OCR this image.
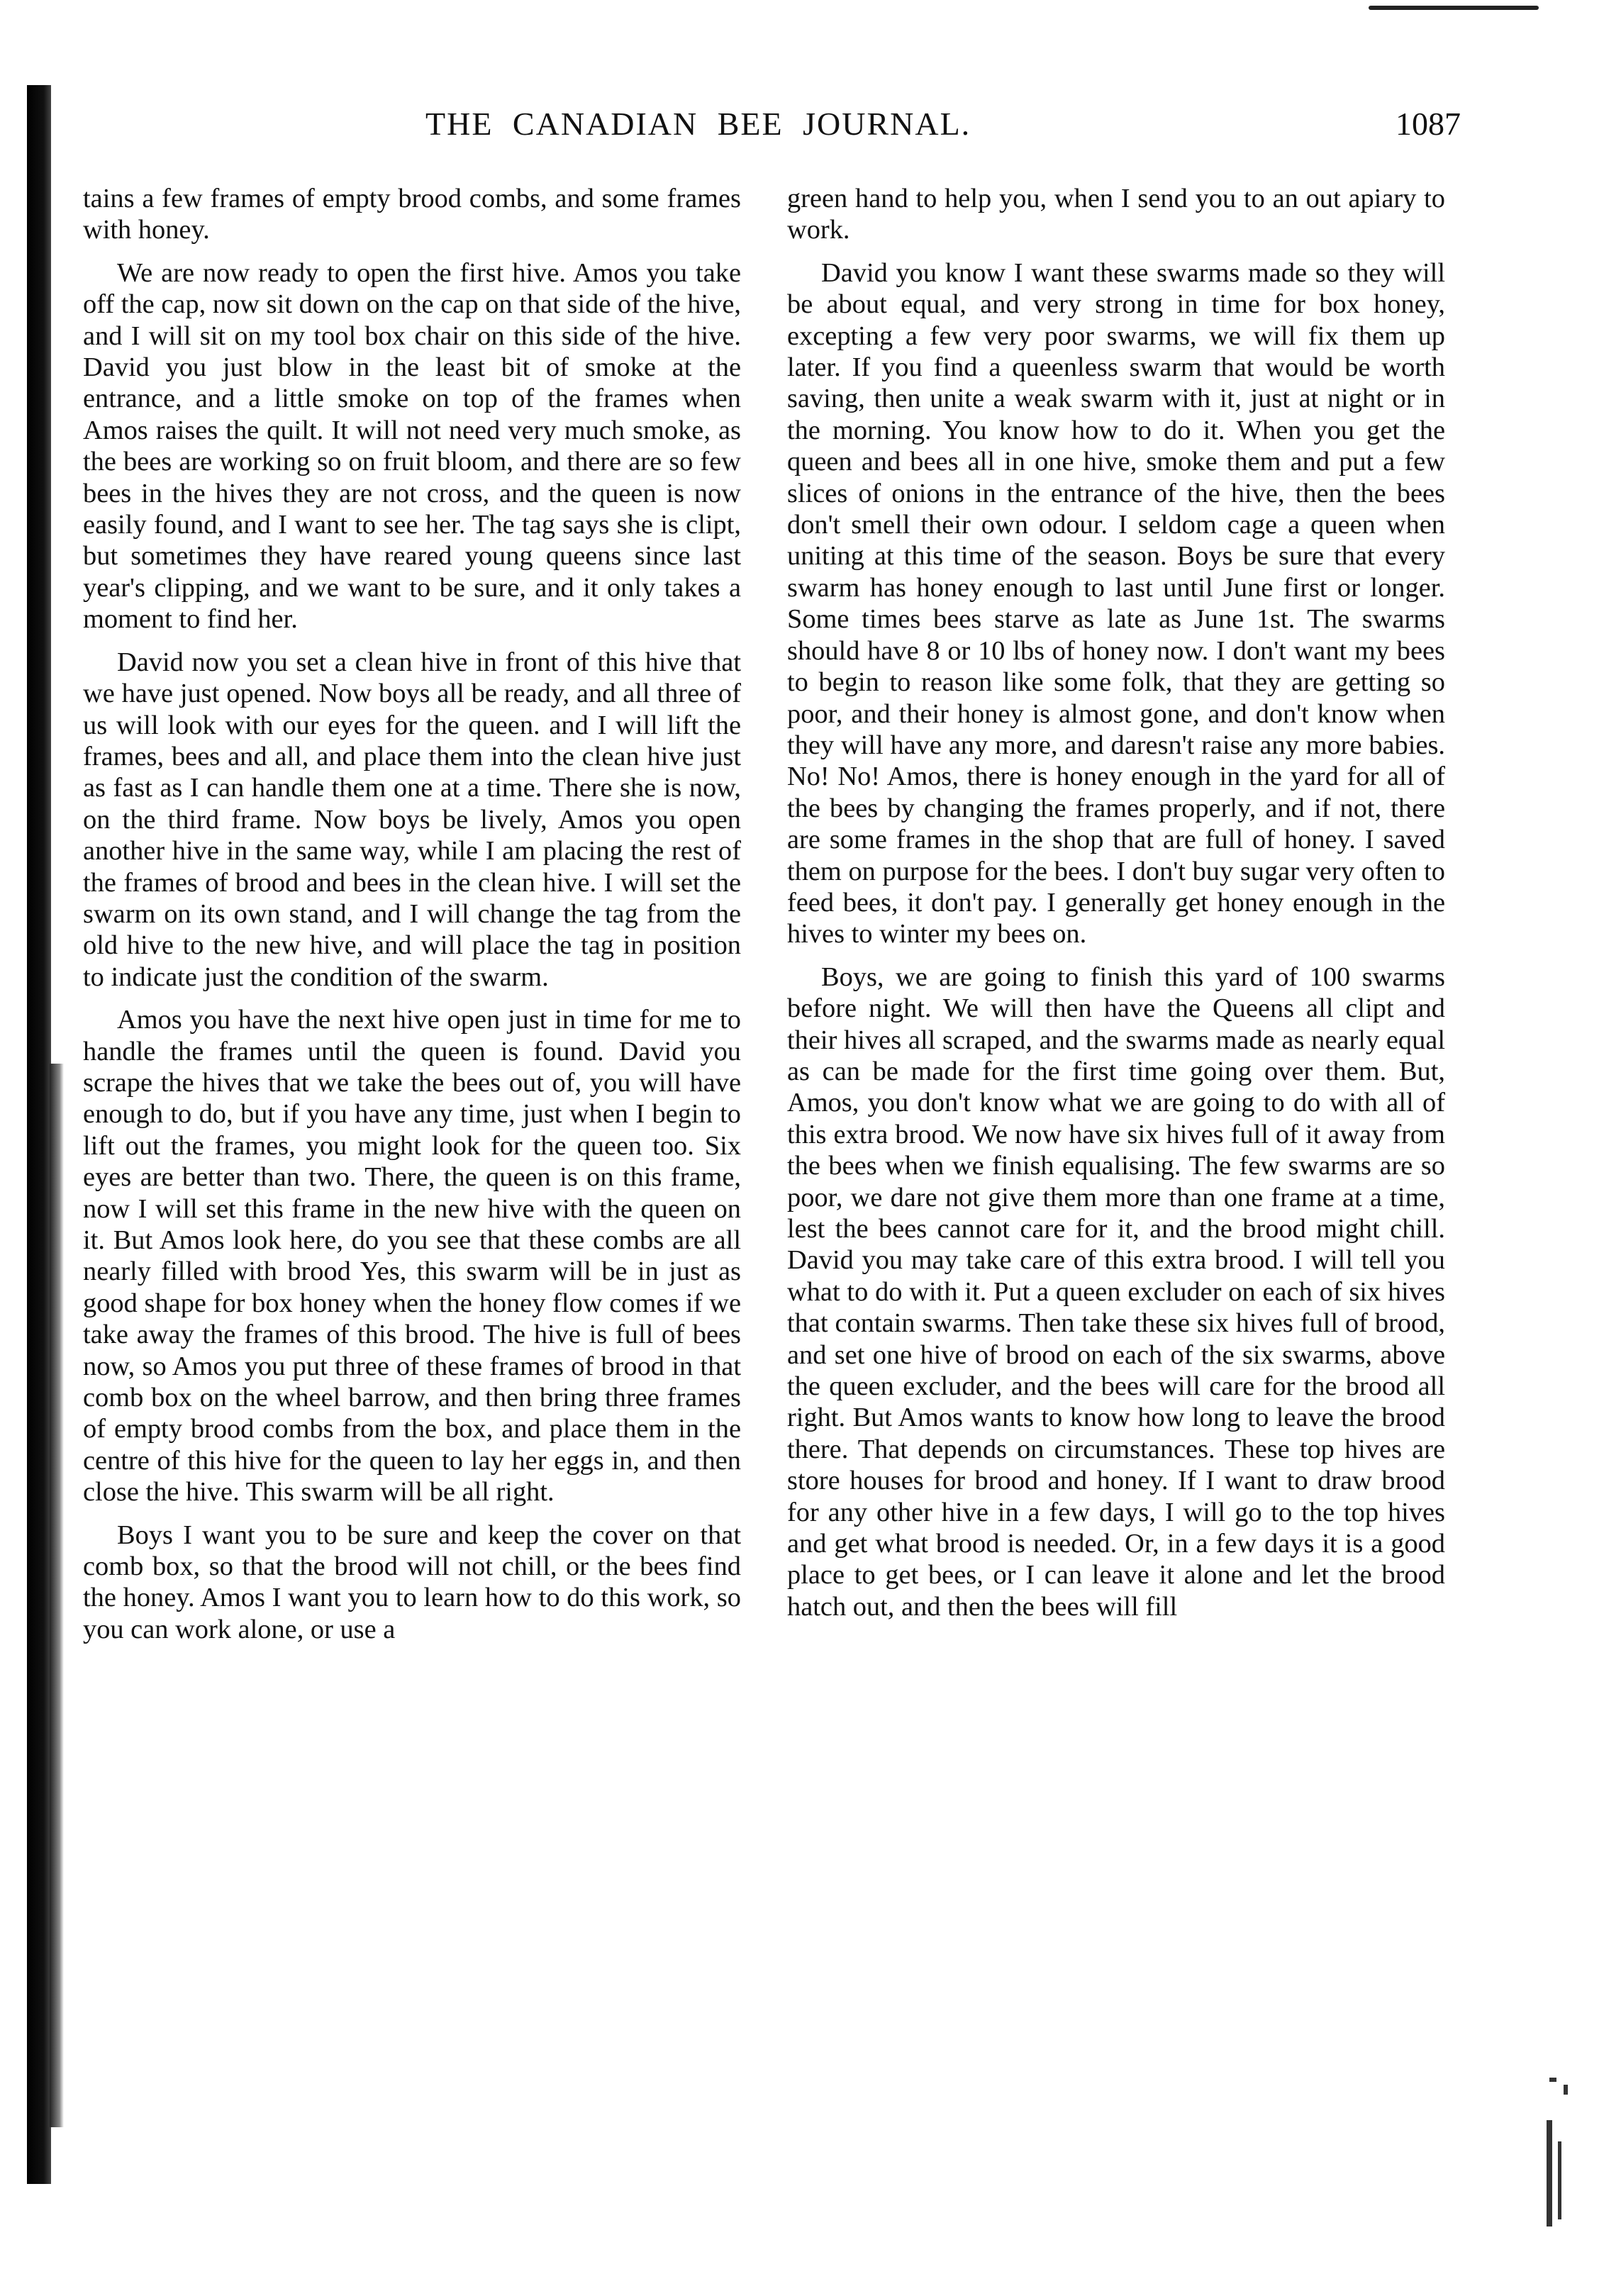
THE CANADIAN BEE JOURNAL.	1087

tains a few frames of empty brood combs, and some frames with honey.

We are now ready to open the first hive. Amos you take off the cap, now sit down on the cap on that side of the hive, and I will sit on my tool box chair on this side of the hive. David you just blow in the least bit of smoke at the entrance, and a little smoke on top of the frames when Amos raises the quilt. It will not need very much smoke, as the bees are working so on fruit bloom, and there are so few bees in the hives they are not cross, and the queen is now easily found, and I want to see her. The tag says she is clipt, but sometimes they have reared young queens since last year's clipping, and we want to be sure, and it only takes a moment to find her.

David now you set a clean hive in front of this hive that we have just opened. Now boys all be ready, and all three of us will look with our eyes for the queen. and I will lift the frames, bees and all, and place them into the clean hive just as fast as I can handle them one at a time. There she is now, on the third frame. Now boys be lively, Amos you open another hive in the same way, while I am placing the rest of the frames of brood and bees in the clean hive. I will set the swarm on its own stand, and I will change the tag from the old hive to the new hive, and will place the tag in position to indicate just the condition of the swarm.

Amos you have the next hive open just in time for me to handle the frames until the queen is found. David you scrape the hives that we take the bees out of, you will have enough to do, but if you have any time, just when I begin to lift out the frames, you might look for the queen too. Six eyes are better than two. There, the queen is on this frame, now I will set this frame in the new hive with the queen on it. But Amos look here, do you see that these combs are all nearly filled with brood Yes, this swarm will be in just as good shape for box honey when the honey flow comes if we take away the frames of this brood. The hive is full of bees now, so Amos you put three of these frames of brood in that comb box on the wheel barrow, and then bring three frames of empty brood combs from the box, and place them in the centre of this hive for the queen to lay her eggs in, and then close the hive. This swarm will be all right.

Boys I want you to be sure and keep the cover on that comb box, so that the brood will not chill, or the bees find the honey. Amos I want you to learn how to do this work, so you can work alone, or use a

green hand to help you, when I send you to an out apiary to work.

David you know I want these swarms made so they will be about equal, and very strong in time for box honey, excepting a few very poor swarms, we will fix them up later. If you find a queenless swarm that would be worth saving, then unite a weak swarm with it, just at night or in the morning. You know how to do it. When you get the queen and bees all in one hive, smoke them and put a few slices of onions in the entrance of the hive, then the bees don't smell their own odour. I seldom cage a queen when uniting at this time of the season. Boys be sure that every swarm has honey enough to last until June first or longer. Some times bees starve as late as June 1st. The swarms should have 8 or 10 lbs of honey now. I don't want my bees to begin to reason like some folk, that they are getting so poor, and their honey is almost gone, and don't know when they will have any more, and daresn't raise any more babies. No! No! Amos, there is honey enough in the yard for all of the bees by changing the frames properly, and if not, there are some frames in the shop that are full of honey. I saved them on purpose for the bees. I don't buy sugar very often to feed bees, it don't pay. I generally get honey enough in the hives to winter my bees on.

Boys, we are going to finish this yard of 100 swarms before night. We will then have the Queens all clipt and their hives all scraped, and the swarms made as nearly equal as can be made for the first time going over them. But, Amos, you don't know what we are going to do with all of this extra brood. We now have six hives full of it away from the bees when we finish equalising. The few swarms are so poor, we dare not give them more than one frame at a time, lest the bees cannot care for it, and the brood might chill. David you may take care of this extra brood. I will tell you what to do with it. Put a queen excluder on each of six hives that contain swarms. Then take these six hives full of brood, and set one hive of brood on each of the six swarms, above the queen excluder, and the bees will care for the brood all right. But Amos wants to know how long to leave the brood there. That depends on circumstances. These top hives are store houses for brood and honey. If I want to draw brood for any other hive in a few days, I will go to the top hives and get what brood is needed. Or, in a few days it is a good place to get bees, or I can leave it alone and let the brood hatch out, and then the bees will fill
